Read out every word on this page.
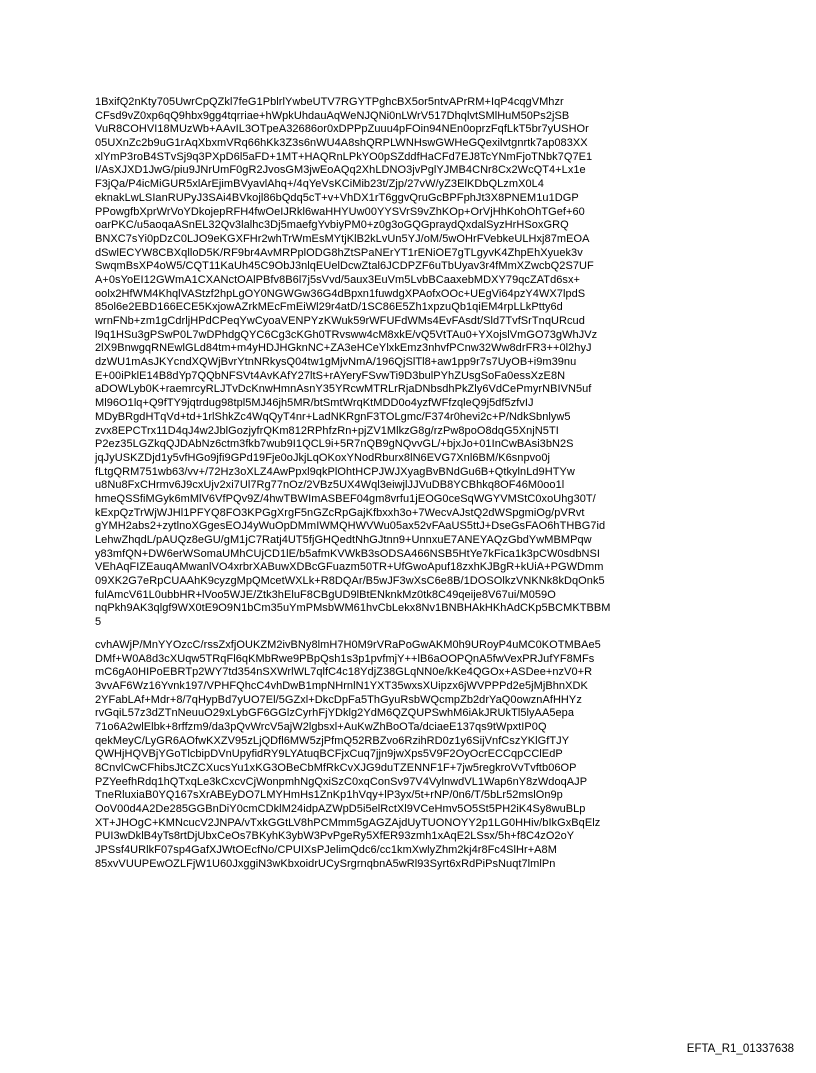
1BxifQ2nKty705UwrCpQZkl7feG1PblrlYwbeUTV7RGYTPghcBX5or5ntvAPrRM+IqP4cqgVMhzr
CFsd9vZ0xp6qQ9hbx9gg4tqrriae+hWpkUhdauAqWeNJQNi0nLWrV517DhqlvtSMlHuM50Ps2jSB
VuR8COHVI18MUzWb+AAvIL3OTpeA32686or0xDPPpZuuu4pFOin94NEn0oprzFqfLkT5br7yUSHOr
05UXnZc2b9uG1rAqXbxmVRq66hKk3Z3s6nWU4A8shQRPLWNHswGWHeGQexilvtgnrtk7ap083XX
xlYmP3roB4STvSj9q3PXpD6l5aFD+1MT+HAQRnLPkYO0pSZddfHaCFd7EJ8TcYNmFjoTNbk7Q7E1
I/AsXJXD1JwG/piu9JNrUmF0gR2JvosGM3jwEoAQq2XhLDNO3jvPglYJMB4CNr8Cx2WcQT4+Lx1e
F3jQa/P4icMiGUR5xlArEjimBVyavlAhq+/4qYeVsKCiMib23t/Zjp/27vW/yZ3ElKDbQLzmX0L4
eknakLwLSIanRUPyJ3SAi4BVkojl86bQdq5cT+v+VhDX1rT6ggvQruGcBPFphJt3X8PNEM1u1DGP
PPowgfbXprWrVoYDkojepRFH4fwOeIJRkl6waHHYUw00YYSVrS9vZhKOp+OrVjHhKohOhTGef+60
oarPKC/u5aoqaASnEL32Qv3lalhc3Dj5maefgYvbiyPM0+z0g3oGQGpraydQxdalSyzHrHSoxGRQ
BNXC7sYi0pDzC0LJO9eKGXFHr2whTrWmEsMYtjKlB2kLvUn5YJ/oM/5wOHrFVebkeULHxj87mEOA
dSwlECYW8CBXqlloD5K/RF9br4AvMRPplODG8hZtSPaNErYT1rENiOE7gTLgyvK4ZhpEhXyuek3v
SwqmBsXP4oW5/CQT11KaUh45C9ObJ3nlqEUelDcwZtal6JCDPZF6uTbUyav3r4fMmXZwcbQ2S7UF
A+0sYoEI12GWmA1CXANctOAlPBfv8B6l7j5sVvd/5aux3EuVm5LvbBCaaxebMDXY79qcZATd6sx+
oolx2HfWM4KhqlVAStzf2hpLgOY0NGWGw36G4dBpxn1fuwdgXPAofxOOc+UEgVi64pzY4WX7lpdS
85ol6e2EBD166ECE5KxjowAZrkMEcFmEiWl29r4atD/1SC86E5Zh1xpzuQb1qiEM4rpLLkPtty6d
wrnFNb+zm1gCdrljHPdCPeqYwCyoaVENPYzKWuk59rWFUFdWMs4EvFAsdt/Sld7TvfSrTnqURcud
l9q1HSu3gPSwP0L7wDPhdgQYC6Cg3cKGh0TRvsww4cM8xkE/vQ5VtTAu0+YXojslVmGO73gWhJVz
2lX9BnwgqRNEwlGLd84tm+m4yHDJHGknNC+ZA3eHCeYlxkEmz3nhvfPCnw32Ww8drFR3++0l2hyJ
dzWU1mAsJKYcndXQWjBvrYtnNRkysQ04tw1gMjvNmA/196QjSlTl8+aw1pp9r7s7UyOB+i9m39nu
E+00iPklE14B8dYp7QQbNFSVt4AvKAfY27ltS+rAYeryFSvwTi9D3bulPYhZUsgSoFa0essXzE8N
aDOWLyb0K+raemrcyRLJTvDcKnwHmnAsnY35YRcwMTRLrRjaDNbsdhPkZly6VdCePmyrNBIVN5uf
Ml96O1lq+Q9fTY9jqtrdug98tpl5MJ46jh5MR/btSmtWrqKtMDD0o4yzfWFfzqleQ9j5df5zfvIJ
MDyBRgdHTqVd+td+1rlShkZc4WqQyT4nr+LadNKRgnF3TOLgmc/F374r0hevi2c+P/NdkSbnlyw5
zvx8EPCTrx11D4qJ4w2JblGozjyfrQKm812RPhfzRn+pjZV1MlkzG8g/rzPw8poO8dqG5XnjN5TI
P2ez35LGZkqQJDAbNz6ctm3fkb7wub9I1QCL9i+5R7nQB9gNQvvGL/+bjxJo+01InCwBAsi3bN2S
jqJyUSKZDjd1y5vfHGo9jfi9GPd19Fje0oJkjLqOKoxYNodRburx8lN6EVG7Xnl6BM/K6snpvo0j
fLtgQRM751wb63/vv+/72Hz3oXLZ4AwPpxl9qkPlOhtHCPJWJXyagBvBNdGu6B+QtkylnLd9HTYw
u8Nu8FxCHrmv6J9cxUjv2xi7Ul7Rg77nOz/2VBz5UX4Wql3eiwjlJJVuDB8YCBhkq8OF46M0oo1l
hmeQSSfiMGyk6mMlV6VfPQv9Z/4hwTBWImASBEF04gm8vrfu1jEOG0ceSqWGYVMStC0xoUhg30T/
kExpQzTrWjWJHl1PFYQ8FO3KPGgXrgF5nGZcRpGajKfbxxh3o+7WecvAJstQ2dWSpgmiOg/pVRvt
gYMH2abs2+zytlnoXGgesEOJ4yWuOpDMmIWMQHWVWu05ax52vFAaUS5ttJ+DseGsFAO6hTHBG7id
LehwZhqdL/pAUQz8eGU/gM1jC7Ratj4UT5fjGHQedtNhGJtnn9+UnnxuE7ANEYAQzGbdYwMBMPqw
y83mfQN+DW6erWSomaUMhCUjCD1lE/b5afmKVWkB3sODSA466NSB5HtYe7kFica1k3pCW0sdbNSI
VEhAqFIZEauqAMwanlVO4xrbrXABuwXDBcGFuazm50TR+UfGwoApuf18zxhKJBgR+kUiA+PGWDmm
09XK2G7eRpCUAAhK9cyzgMpQMcetWXLk+R8DQAr/B5wJF3wXsC6e8B/1DOSOlkzVNKNk8kDqOnk5
fulAmcV61L0ubbHR+lVoo5WJE/Ztk3hEluF8CBgUD9lBtENknkMz0tk8C49qeije8V67ui/M059O
nqPkh9AK3qlgf9WX0tE9O9N1bCm35uYmPMsbWM61hvCbLekx8Nv1BNBHAkHKhAdCKp5BCMKTBBM
5
cvhAWjP/MnYYOzcC/rssZxfjOUKZM2ivBNy8lmH7H0M9rVRaPoGwAKM0h9URoyP4uMC0KOTMBAe5
DMf+W0A8d3cXUqw5TRqFl6qKMbRwe9PBpQsh1s3p1pvfmjY++lB6aOOPQnA5fwVexPRJufYF8MFs
mC6gA0HIPoEBRTp2WY7td354nSXWrlWL7qlfC4c18YdjZ38GLqNN0e/kKe4QGOx+ASDee+nzV0+R
3vvAF6Wz16Yvnk197/VPHFQhcC4vhDwB1mpNHrnlN1YXT35wxsXUipzx6jWVPPPd2e5jMjBhnXDK
2YFabLAf+Mdr+8/7qHypBd7yUO7El/5GZxl+DkcDpFa5ThGyuRsbWQcmpZb2drYaQ0owznAfHHYz
rvGqiL57z3dZTnNeuuO29xLybGF6GGlzCyrhFjYDklg2YdM6QZQUPSwhM6iAkJRUkTl5lyAA5epa
71o6A2wlElbk+8rffzm9/da3pQvWrcV5ajW2lgbsxl+AuKwZhBoOTa/dciaeE137qs9tWpxtIP0Q
qekMeyC/LyGR6AOfwKXZV95zLjQDfl6MW5zjPfmQ52RBZvo6RzihRD0z1y6SijVnfCszYKlGfTJY
QWHjHQVBjYGoTlcbipDVnUpyfidRY9LYAtuqBCFjxCuq7jjn9jwXps5V9F2OyOcrECCqpCClEdP
8CnvlCwCFhibsJtCZCXucsYu1xKG3OBeCbMfRkCvXJG9duTZENNF1F+7jw5regkroVvTvftb06OP
PZYeefhRdq1hQTxqLe3kCxcvCjWonpmhNgQxiSzC0xqConSv97V4VylnwdVL1Wap6nY8zWdoqAJP
TneRluxiaB0YQ167sXrABEyDO7LMYHmHs1ZnKp1hVqy+lP3yx/5t+rNP/0n6/T/5bLr52mslOn9p
OoV00d4A2De285GGBnDiY0cmCDklM24idpAZWpD5i5elRctXl9VCeHmv5O5St5PH2iK4Sy8wuBLp
XT+JHOgC+KMNcucV2JNPA/vTxkGGtLV8hPCMmm5gAGZAjdUyTUONOYY2p1LG0HHiv/bIkGxBqElz
PUI3wDklB4yTs8rtDjUbxCeOs7BKyhK3ybW3PvPgeRy5XfER93zmh1xAqE2LSsx/5h+f8C4zO2oY
JPSsf4URlkF07sp4GafXJWtOEcfNo/CPUIXsPJelimQdc6/cc1kmXwlyZhm2kj4r8Fc4SlHr+A8M
85xvVUUPEwOZLFjW1U60JxggiN3wKbxoidrUCySrgrnqbnA5wRl93Syrt6xRdPiPsNuqt7lmlPn
EFTA_R1_01337638
